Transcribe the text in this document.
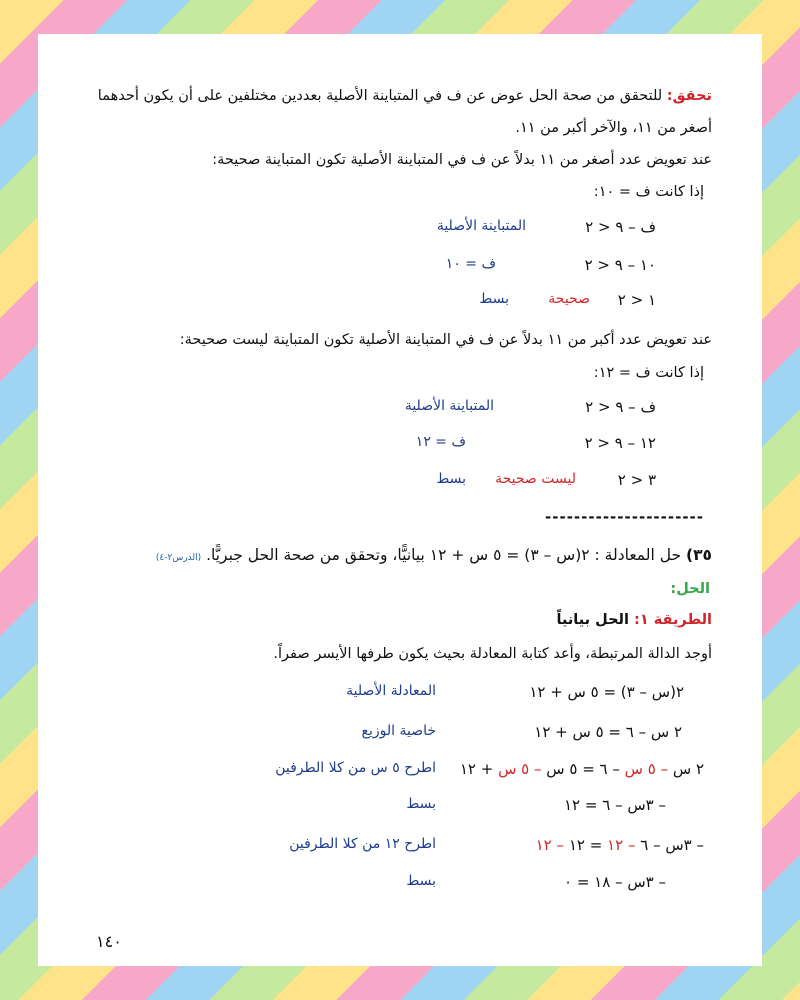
تحقق: للتحقق من صحة الحل عوض عن ف في المتباينة الأصلية بعددين مختلفين على أن يكون أحدهما
أصغر من ١١، والآخر أكبر من ١١.
عند تعويض عدد أصغر من ١١ بدلاً عن ف في المتباينة الأصلية تكون المتباينة صحيحة:
إذا كانت ف = ١٠:
ف – ٩ < ٢
المتباينة الأصلية
١٠ – ٩ < ٢
ف = ١٠
١ < ٢
صحيحة
بسط
عند تعويض عدد أكبر من ١١ بدلاً عن ف في المتباينة الأصلية تكون المتباينة ليست صحيحة:
إذا كانت ف = ١٢:
ف – ٩ < ٢
المتباينة الأصلية
١٢ – ٩ < ٢
ف = ١٢
٣ < ٢
ليست صحيحة
بسط
----------------------
٣٥) حل المعادلة : ٢(س – ٣) = ٥ س + ١٢ بيانيًّا، وتحقق من صحة الحل جبريًّا. (الدرس٢-٤)
الحل:
الطريقة ١: الحل بيانياً
أوجد الدالة المرتبطة، وأعد كتابة المعادلة بحيث يكون طرفها الأيسر صفراً.
٢(س – ٣) = ٥ س + ١٢
المعادلة الأصلية
٢ س – ٦ = ٥ س + ١٢
خاصية الوزيع
٢ س – ٥ س – ٦ = ٥ س – ٥ س + ١٢
اطرح ٥ س من كلا الطرفين
– ٣س – ٦ = ١٢
بسط
– ٣س – ٦ – ١٢ = ١٢ – ١٢
اطرح ١٢ من كلا الطرفين
– ٣س – ١٨ = ٠
بسط
١٤٠
